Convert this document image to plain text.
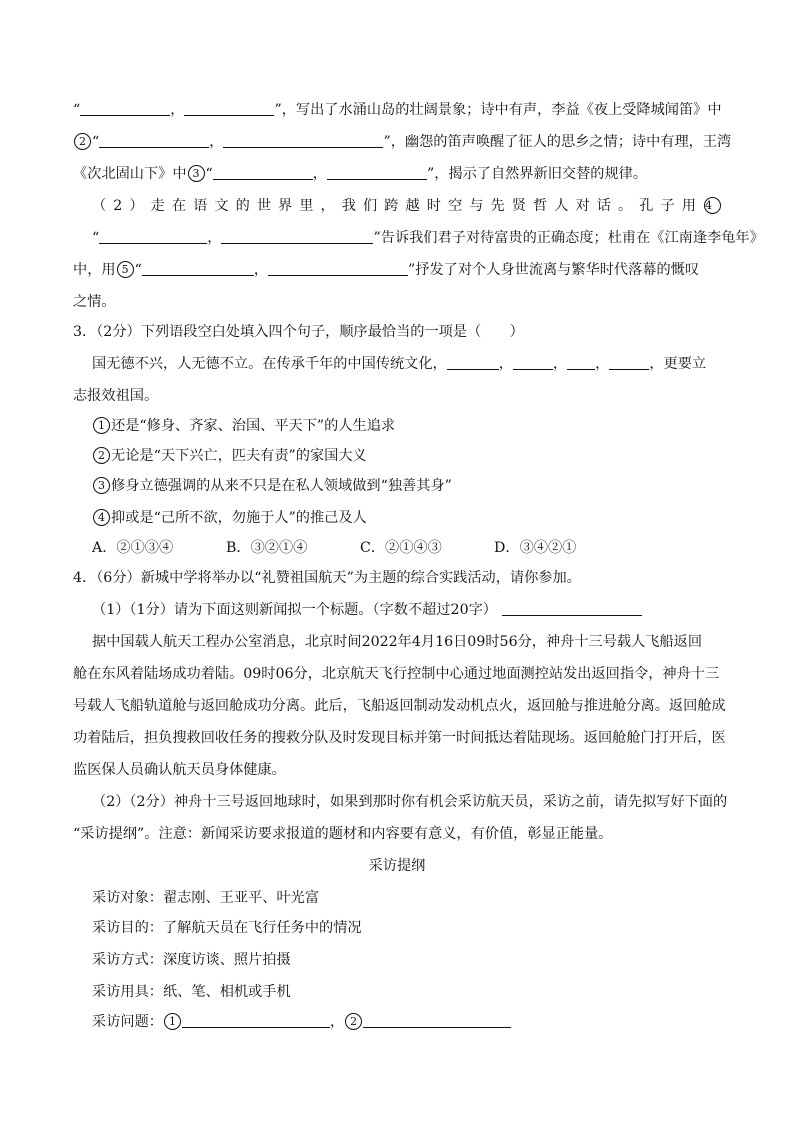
“	，	”，写出了水涌山岛的壮阔景象；诗中有声，李益《夜上受降城闻笛》中
2 “	，	”，幽怨的笛声唤醒了征人的思乡之情；诗中有理，王湾
《次北固山下》中 3 “	，	”，揭示了自然界新旧交替的规律。
（2）走在语文的世界里，我们跨越时空与先贤哲人对话。孔子用 4
“	，	”告诉我们君子对待富贵的正确态度；杜甫在《江南逢李龟年》
中，用 5 “	，	”抒发了对个人身世流离与繁华时代落幕的慨叹
之情。
3．（2分）下列语段空白处填入四个句子，顺序最恰当的一项是（　　）
国无德不兴，人无德不立。在传承千年的中国传统文化，	，	， ，	，更要立
志报效祖国。
1 还是“修身、齐家、治国、平天下”的人生追求
2 无论是“天下兴亡，匹夫有责”的家国大义
3 修身立德强调的从来不只是在私人领域做到“独善其身”
4 抑或是“己所不欲，勿施于人”的推己及人
A．②①③④	B．③②①④	C．②①④③	D．③④②①
4．（6分）新城中学将举办以“礼赞祖国航天”为主题的综合实践活动，请你参加。
（1）（1分）请为下面这则新闻拟一个标题。（字数不超过20字）
据中国载人航天工程办公室消息，北京时间2022年4月16日09时56分，神舟十三号载人飞船返回
舱在东风着陆场成功着陆。09时06分，北京航天飞行控制中心通过地面测控站发出返回指令，神舟十三
号载人飞船轨道舱与返回舱成功分离。此后，飞船返回制动发动机点火，返回舱与推进舱分离。返回舱成
功着陆后，担负搜救回收任务的搜救分队及时发现目标并第一时间抵达着陆现场。返回舱舱门打开后，医
监医保人员确认航天员身体健康。
（2）（2分）神舟十三号返回地球时，如果到那时你有机会采访航天员，采访之前，请先拟写好下面的
“采访提纲”。注意：新闻采访要求报道的题材和内容要有意义，有价值，彰显正能量。
采访提纲
采访对象：翟志刚、王亚平、叶光富
采访目的：了解航天员在飞行任务中的情况
采访方式：深度访谈、照片拍摄
采访用具：纸、笔、相机或手机
采访问题： 1	， 2
